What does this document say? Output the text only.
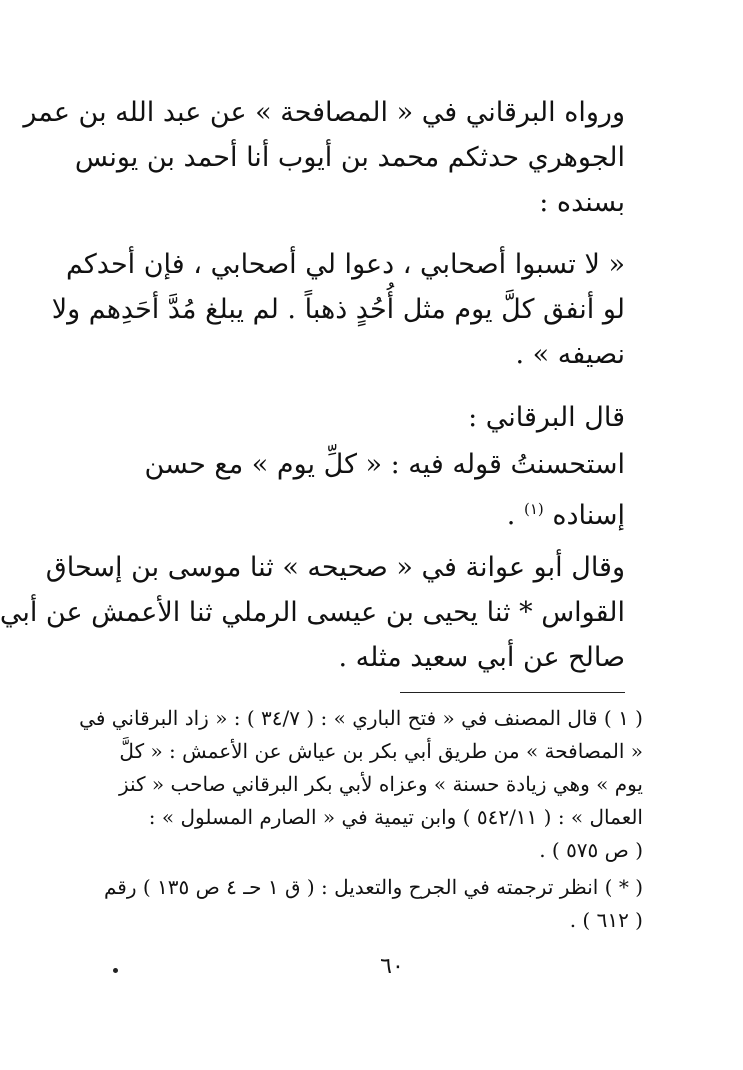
ورواه البرقاني في « المصافحة » عن عبد الله بن عمر
الجوهري حدثكم محمد بن أيوب أنا أحمد بن يونس
بسنده :

« لا تسبوا أصحابي ، دعوا لي أصحابي ، فإن أحدكم
لو أنفق كلَّ يوم مثل أُحُدٍ ذهباً . لم يبلغ مُدَّ أحَدِهم ولا
نصيفه » .

قال البرقاني :

استحسنتُ قوله فيه : « كلِّ يوم » مع حسن
إسناده $^{(١)}$ .

وقال أبو عوانة في « صحيحه » ثنا موسى بن إسحاق
القواس * ثنا يحيى بن عيسى الرملي ثنا الأعمش عن أبي
صالح عن أبي سعيد مثله .

( ١ ) قال المصنف في « فتح الباري » : ( ٣٤/٧ ) : « زاد البرقاني في
« المصافحة » من طريق أبي بكر بن عياش عن الأعمش : « كلَّ
يوم » وهي زيادة حسنة » وعزاه لأبي بكر البرقاني صاحب « كنز
العمال » : ( ٥٤٢/١١ ) وابن تيمية في « الصارم المسلول » :
( ص ٥٧٥ ) .

( * ) انظر ترجمته في الجرح والتعديل : ( ق ١ حـ ٤ ص ١٣٥ ) رقم
( ٦١٢ ) .

٦٠
